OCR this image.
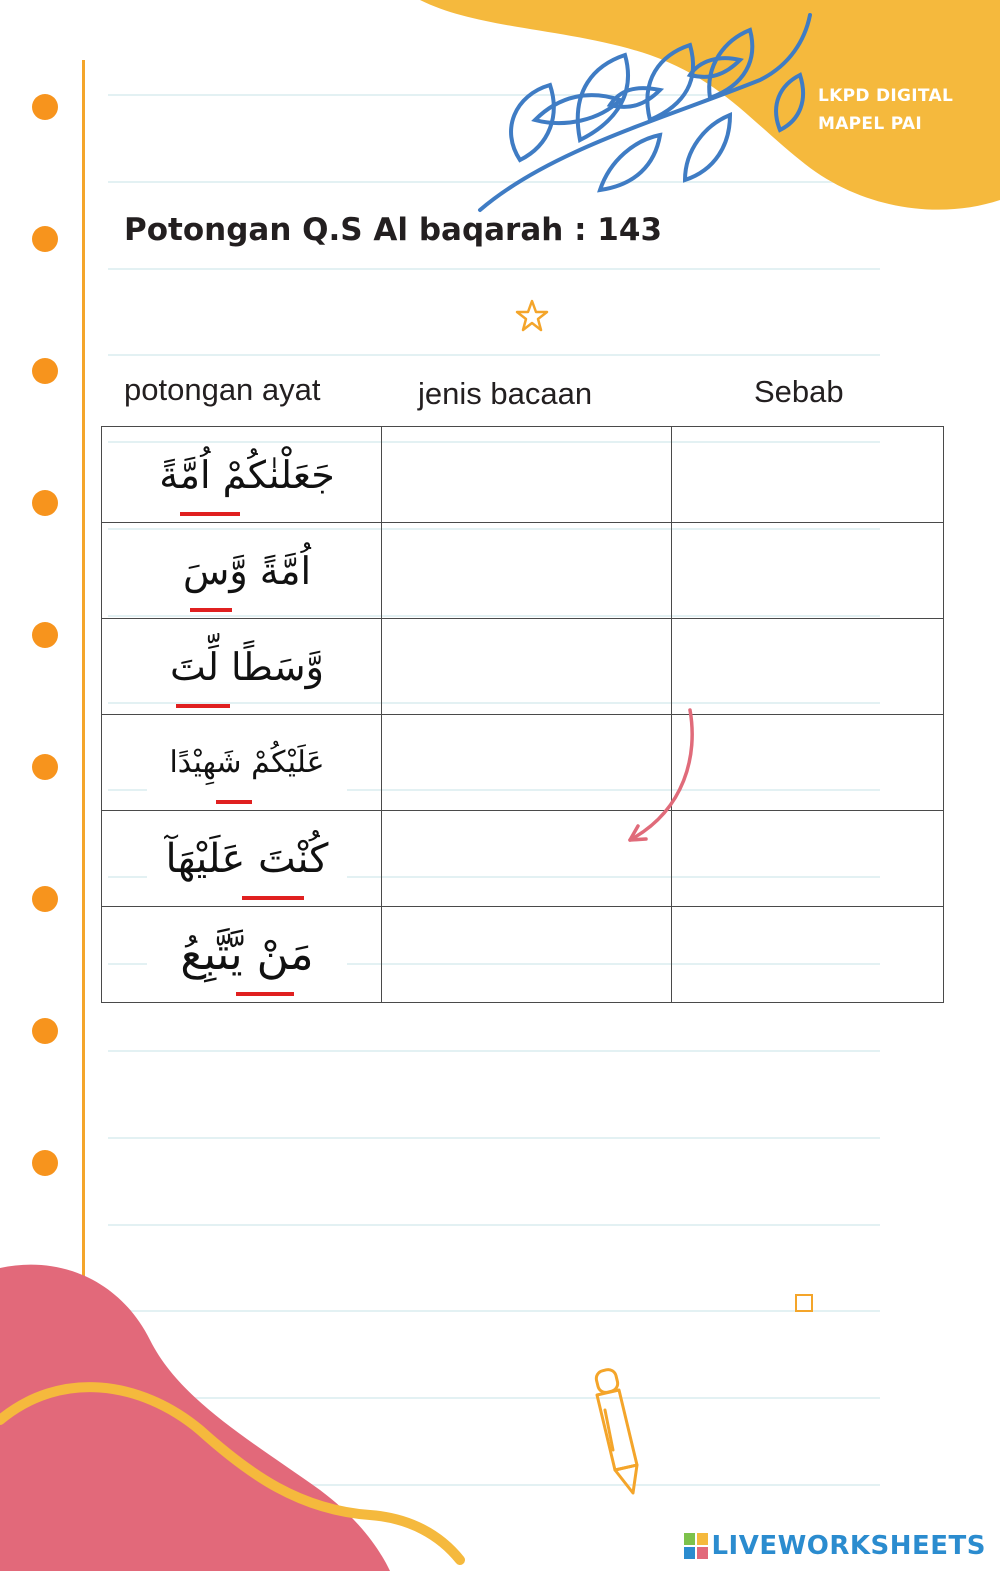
LKPD DIGITAL
MAPEL PAI
Potongan Q.S Al baqarah : 143
potongan ayat	jenis bacaan	Sebab
جَعَلْنٰكُمْ اُمَّةً

اُمَّةً وَّسَ

وَّسَطًا لِّتَ

عَلَيْكُمْ شَهِيْدًا

كُنْتَ عَلَيْهَآ

مَنْ يَّتَّبِعُ

LIVEWORKSHEETS
